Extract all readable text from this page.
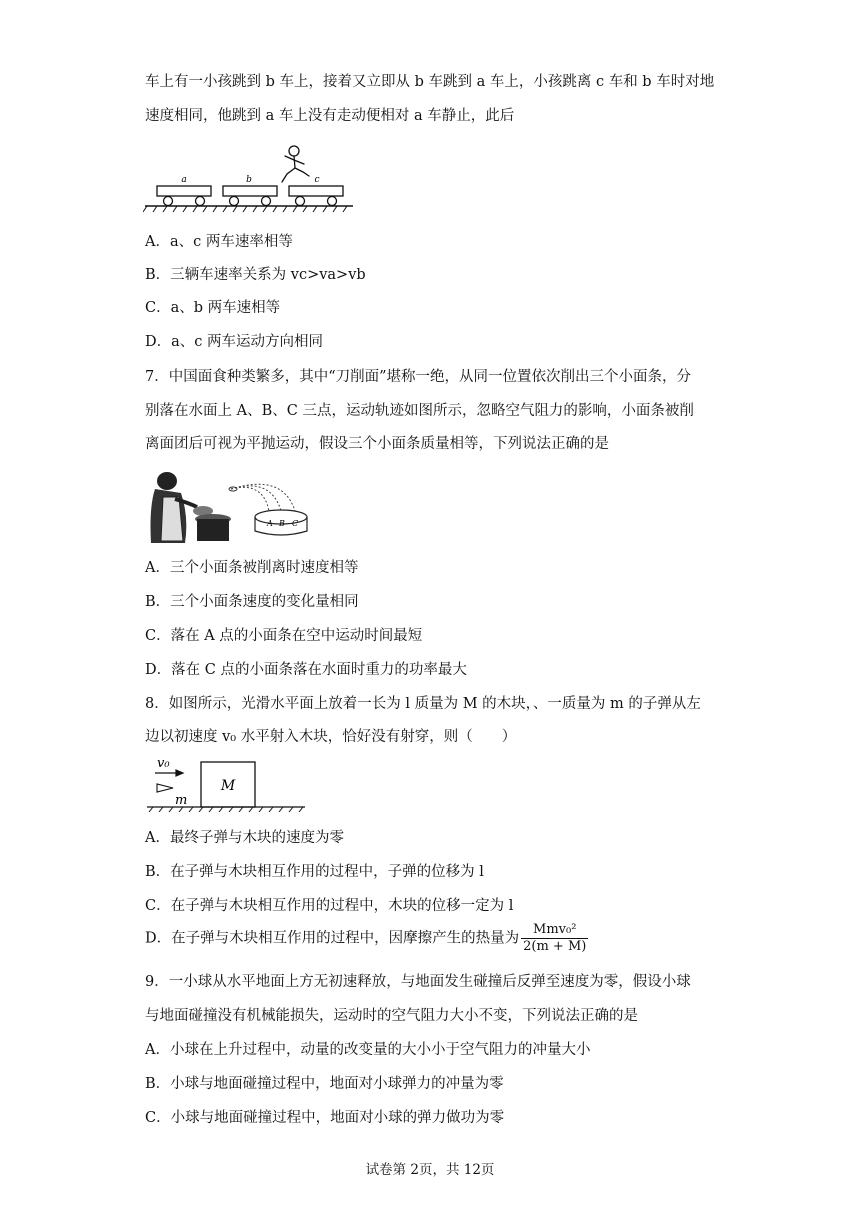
车上有一小孩跳到 b 车上，接着又立即从 b 车跳到 a 车上，小孩跳离 c 车和 b 车时对地
速度相同，他跳到 a 车上没有走动便相对 a 车静止，此后
a	b	c
A．a、c 两车速率相等
B．三辆车速率关系为 vc>va>vb
C．a、b 两车速相等
D．a、c 两车运动方向相同
7．中国面食种类繁多，其中“刀削面”堪称一绝，从同一位置依次削出三个小面条，分
别落在水面上 A、B、C 三点，运动轨迹如图所示，忽略空气阻力的影响，小面条被削
离面团后可视为平抛运动，假设三个小面条质量相等，下列说法正确的是
A B C
A．三个小面条被削离时速度相等
B．三个小面条速度的变化量相同
C．落在 A 点的小面条在空中运动时间最短
D．落在 C 点的小面条落在水面时重力的功率最大
8．如图所示，光滑水平面上放着一长为 l 质量为 M 的木块，、一质量为 m 的子弹从左
边以初速度 v₀ 水平射入木块，恰好没有射穿，则（　　）
v₀
m
M
A．最终子弹与木块的速度为零
B．在子弹与木块相互作用的过程中，子弹的位移为 l
C．在子弹与木块相互作用的过程中，木块的位移一定为 l
D．在子弹与木块相互作用的过程中，因摩擦产生的热量为 $\frac{\text{Mmv₀²}}{2(m + M)}$
9．一小球从水平地面上方无初速释放，与地面发生碰撞后反弹至速度为零，假设小球
与地面碰撞没有机械能损失，运动时的空气阻力大小不变，下列说法正确的是
A．小球在上升过程中，动量的改变量的大小小于空气阻力的冲量大小
B．小球与地面碰撞过程中，地面对小球弹力的冲量为零
C．小球与地面碰撞过程中，地面对小球的弹力做功为零
试卷第 2页，共 12页
